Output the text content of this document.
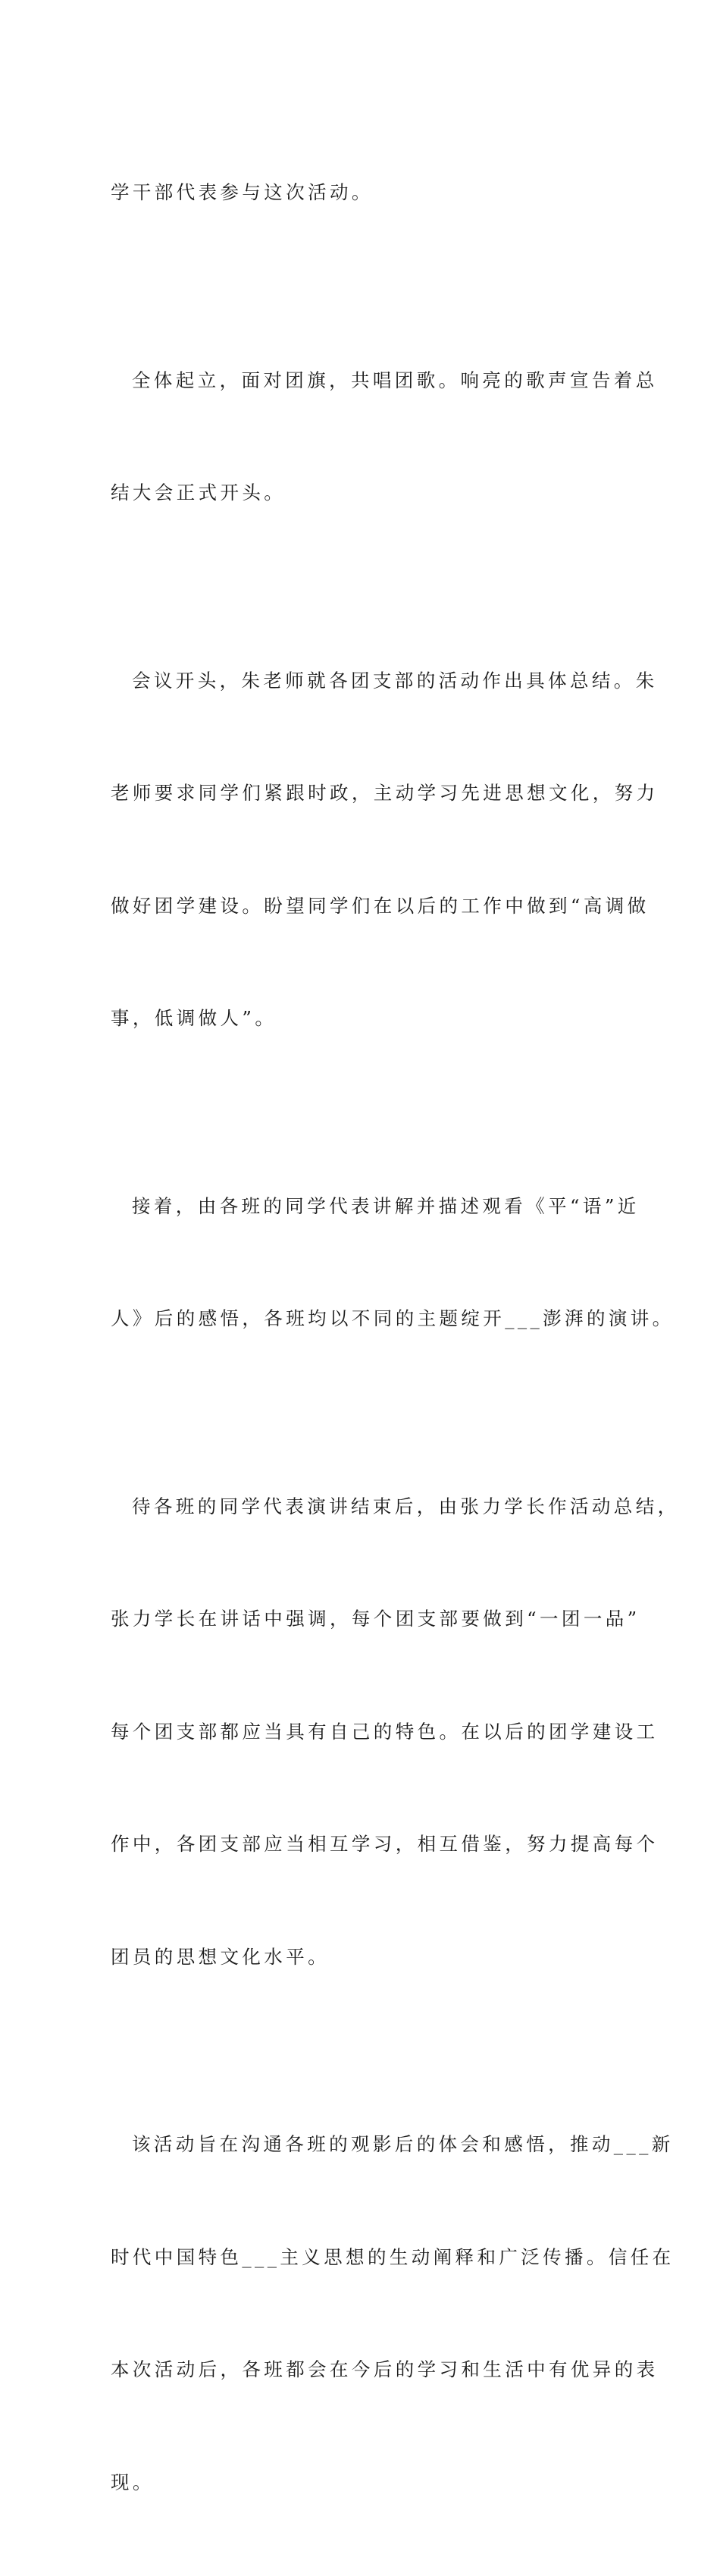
学干部代表参与这次活动。

全体起立，面对团旗，共唱团歌。响亮的歌声宣告着总

结大会正式开头。

会议开头，朱老师就各团支部的活动作出具体总结。朱

老师要求同学们紧跟时政，主动学习先进思想文化，努力

做好团学建设。盼望同学们在以后的工作中做到“高调做

事，低调做人”。

接着，由各班的同学代表讲解并描述观看《平“语”近

人》后的感悟，各班均以不同的主题绽开___澎湃的演讲。

待各班的同学代表演讲结束后，由张力学长作活动总结，

张力学长在讲话中强调，每个团支部要做到“一团一品”

每个团支部都应当具有自己的特色。在以后的团学建设工

作中，各团支部应当相互学习，相互借鉴，努力提高每个

团员的思想文化水平。

该活动旨在沟通各班的观影后的体会和感悟，推动___新

时代中国特色___主义思想的生动阐释和广泛传播。信任在

本次活动后，各班都会在今后的学习和生活中有优异的表

现。
